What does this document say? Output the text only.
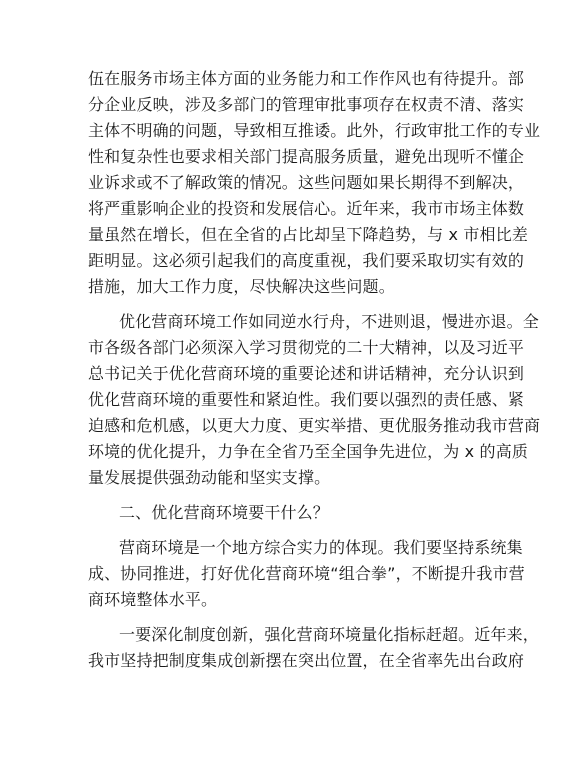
伍在服务市场主体方面的业务能力和工作作风也有待提升。部
分企业反映，涉及多部门的管理审批事项存在权责不清、落实
主体不明确的问题，导致相互推诿。此外，行政审批工作的专业
性和复杂性也要求相关部门提高服务质量，避免出现听不懂企
业诉求或不了解政策的情况。这些问题如果长期得不到解决，
将严重影响企业的投资和发展信心。近年来，我市市场主体数
量虽然在增长，但在全省的占比却呈下降趋势，与 x 市相比差
距明显。这必须引起我们的高度重视，我们要采取切实有效的
措施，加大工作力度，尽快解决这些问题。
优化营商环境工作如同逆水行舟，不进则退，慢进亦退。全
市各级各部门必须深入学习贯彻党的二十大精神，以及习近平
总书记关于优化营商环境的重要论述和讲话精神，充分认识到
优化营商环境的重要性和紧迫性。我们要以强烈的责任感、紧
迫感和危机感，以更大力度、更实举措、更优服务推动我市营商
环境的优化提升，力争在全省乃至全国争先进位，为 x 的高质
量发展提供强劲动能和坚实支撑。
二、优化营商环境要干什么？
营商环境是一个地方综合实力的体现。我们要坚持系统集
成、协同推进，打好优化营商环境“组合拳”，不断提升我市营
商环境整体水平。
一要深化制度创新，强化营商环境量化指标赶超。近年来，
我市坚持把制度集成创新摆在突出位置，在全省率先出台政府
